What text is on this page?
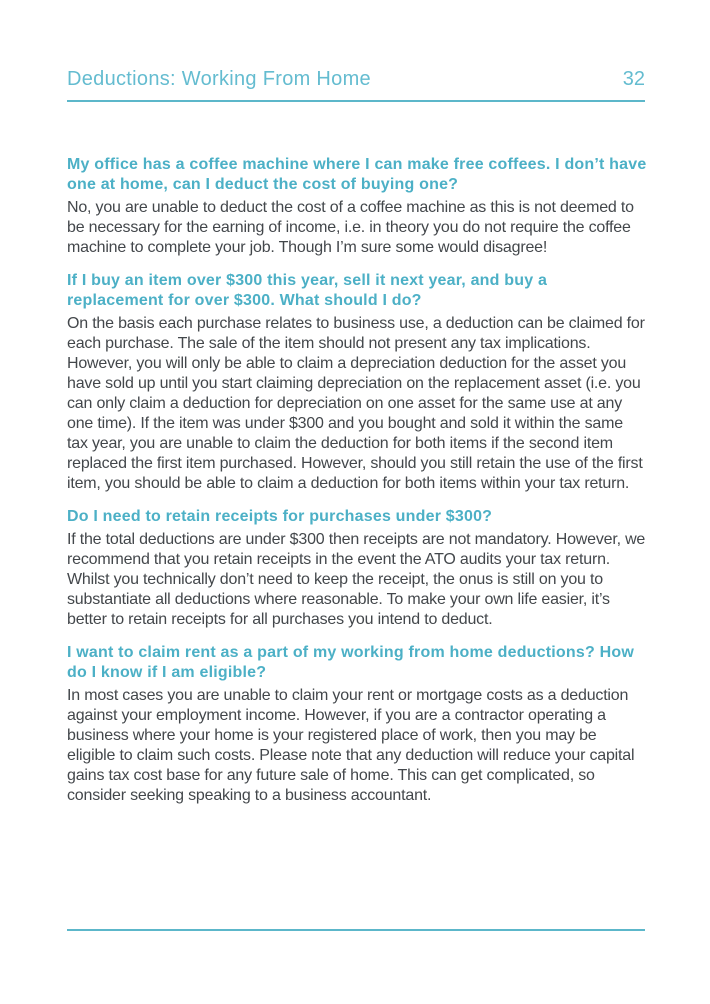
Deductions: Working From Home	32
My office has a coffee machine where I can make free coffees. I don’t have one at home, can I deduct the cost of buying one?

No, you are unable to deduct the cost of a coffee machine as this is not deemed to be necessary for the earning of income, i.e. in theory you do not require the coffee machine to complete your job. Though I’m sure some would disagree!

If I buy an item over $300 this year, sell it next year, and buy a replacement for over $300. What should I do?

On the basis each purchase relates to business use, a deduction can be claimed for each purchase. The sale of the item should not present any tax implications. However, you will only be able to claim a depreciation deduction for the asset you have sold up until you start claiming depreciation on the replacement asset (i.e. you can only claim a deduction for depreciation on one asset for the same use at any one time). If the item was under $300 and you bought and sold it within the same tax year, you are unable to claim the deduction for both items if the second item replaced the first item purchased. However, should you still retain the use of the first item, you should be able to claim a deduction for both items within your tax return.

Do I need to retain receipts for purchases under $300?

If the total deductions are under $300 then receipts are not mandatory. However, we recommend that you retain receipts in the event the ATO audits your tax return. Whilst you technically don’t need to keep the receipt, the onus is still on you to substantiate all deductions where reasonable. To make your own life easier, it’s better to retain receipts for all purchases you intend to deduct.

I want to claim rent as a part of my working from home deductions? How do I know if I am eligible?

In most cases you are unable to claim your rent or mortgage costs as a deduction against your employment income. However, if you are a contractor operating a business where your home is your registered place of work, then you may be eligible to claim such costs. Please note that any deduction will reduce your capital gains tax cost base for any future sale of home. This can get complicated, so consider seeking speaking to a business accountant.
